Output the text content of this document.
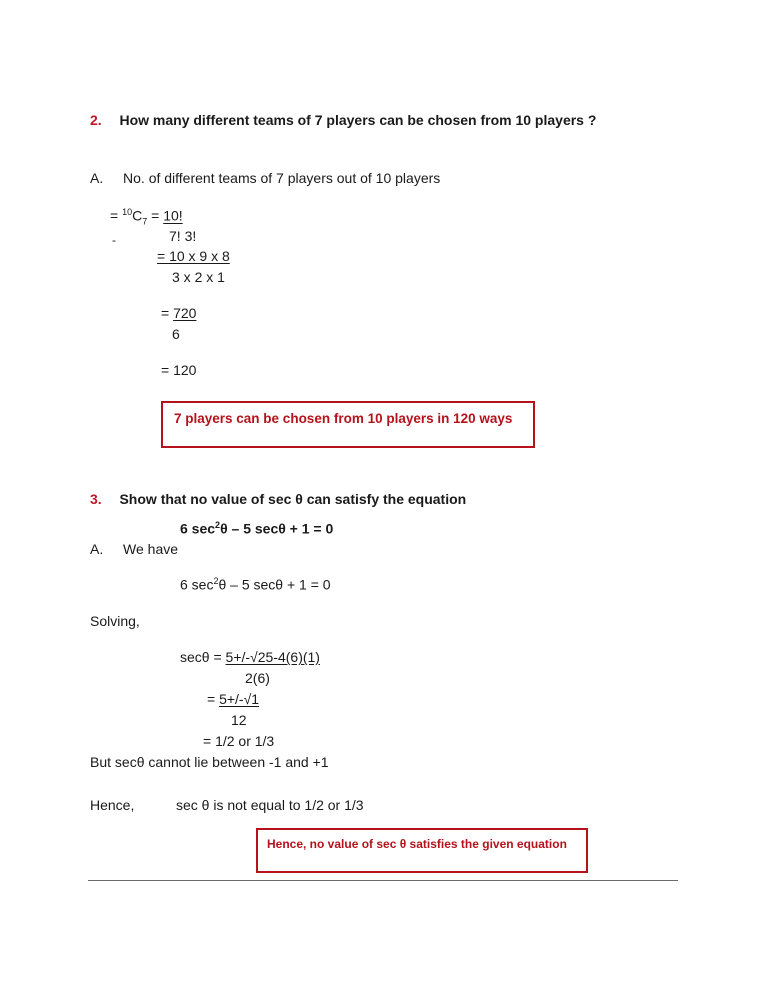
2. How many different teams of 7 players can be chosen from 10 players ?
A. No. of different teams of 7 players out of 10 players
= $^{10}C_7 = 10$!
7! 3!
-
= 10 x 9 x 8
3 x 2 x 1
= 720
6
= 120
7 players can be chosen from 10 players in 120 ways
3. Show that no value of sec θ can satisfy the equation
6 $\sec^2\theta - 5$ secθ + 1 = 0
A. We have
6 $\sec^2\theta - 5$ secθ + 1 = 0
Solving,
secθ = 5+/-√25-4(6)(1)
2(6)
= 5+/-√1
12
= 1/2 or 1/3
But secθ cannot lie between -1 and +1
Hence,	sec θ is not equal to 1/2 or 1/3
Hence, no value of sec θ satisfies the given equation
